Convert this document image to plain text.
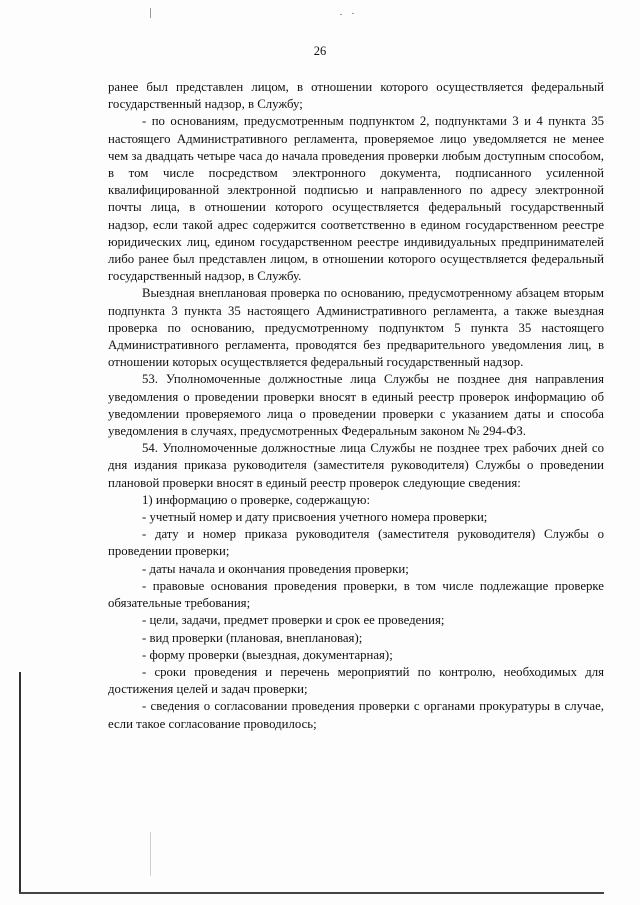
26

ранее был представлен лицом, в отношении которого осуществляется федеральный государственный надзор, в Службу;

- по основаниям, предусмотренным подпунктом 2, подпунктами 3 и 4 пункта 35 настоящего Административного регламента, проверяемое лицо уведомляется не менее чем за двадцать четыре часа до начала проведения проверки любым доступным способом, в том числе посредством электронного документа, подписанного усиленной квалифицированной электронной подписью и направленного по адресу электронной почты лица, в отношении которого осуществляется федеральный государственный надзор, если такой адрес содержится соответственно в едином государственном реестре юридических лиц, едином государственном реестре индивидуальных предпринимателей либо ранее был представлен лицом, в отношении которого осуществляется федеральный государственный надзор, в Службу.

Выездная внеплановая проверка по основанию, предусмотренному абзацем вторым подпункта 3 пункта 35 настоящего Административного регламента, а также выездная проверка по основанию, предусмотренному подпунктом 5 пункта 35 настоящего Административного регламента, проводятся без предварительного уведомления лиц, в отношении которых осуществляется федеральный государственный надзор.

53. Уполномоченные должностные лица Службы не позднее дня направления уведомления о проведении проверки вносят в единый реестр проверок информацию об уведомлении проверяемого лица о проведении проверки с указанием даты и способа уведомления в случаях, предусмотренных Федеральным законом № 294-ФЗ.

54. Уполномоченные должностные лица Службы не позднее трех рабочих дней со дня издания приказа руководителя (заместителя руководителя) Службы о проведении плановой проверки вносят в единый реестр проверок следующие сведения:

1) информацию о проверке, содержащую:

- учетный номер и дату присвоения учетного номера проверки;

- дату и номер приказа руководителя (заместителя руководителя) Службы о проведении проверки;

- даты начала и окончания проведения проверки;

- правовые основания проведения проверки, в том числе подлежащие проверке обязательные требования;

- цели, задачи, предмет проверки и срок ее проведения;

- вид проверки (плановая, внеплановая);

- форму проверки (выездная, документарная);

- сроки проведения и перечень мероприятий по контролю, необходимых для достижения целей и задач проверки;

- сведения о согласовании проведения проверки с органами прокуратуры в случае, если такое согласование проводилось;
